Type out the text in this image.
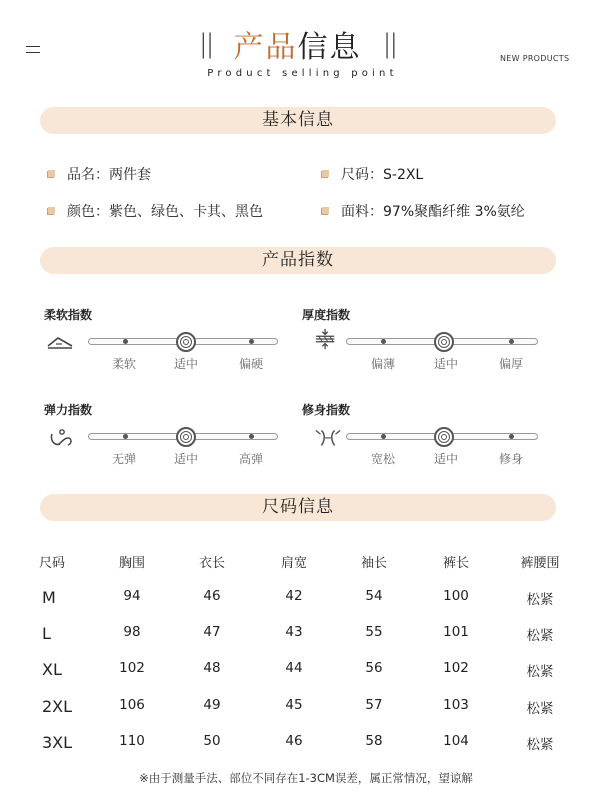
|| 产品信息 ||
Product selling point
NEW PRODUCTS
基本信息
品名：两件套	尺码：S-2XL
颜色：紫色、绿色、卡其、黑色	面料：97%聚酯纤维 3%氨纶
产品指数
柔软指数
柔软	适中	偏硬
厚度指数
偏薄	适中	偏厚
弹力指数
无弹	适中	高弹
修身指数
宽松	适中	修身
尺码信息
尺码	胸围	衣长	肩宽	袖长	裤长	裤腰围
M	94	46	42	54	100	松紧
L	98	47	43	55	101	松紧
XL	102	48	44	56	102	松紧
2XL	106	49	45	57	103	松紧
3XL	110	50	46	58	104	松紧
※由于测量手法、部位不同存在1-3CM误差，属正常情况，望谅解
